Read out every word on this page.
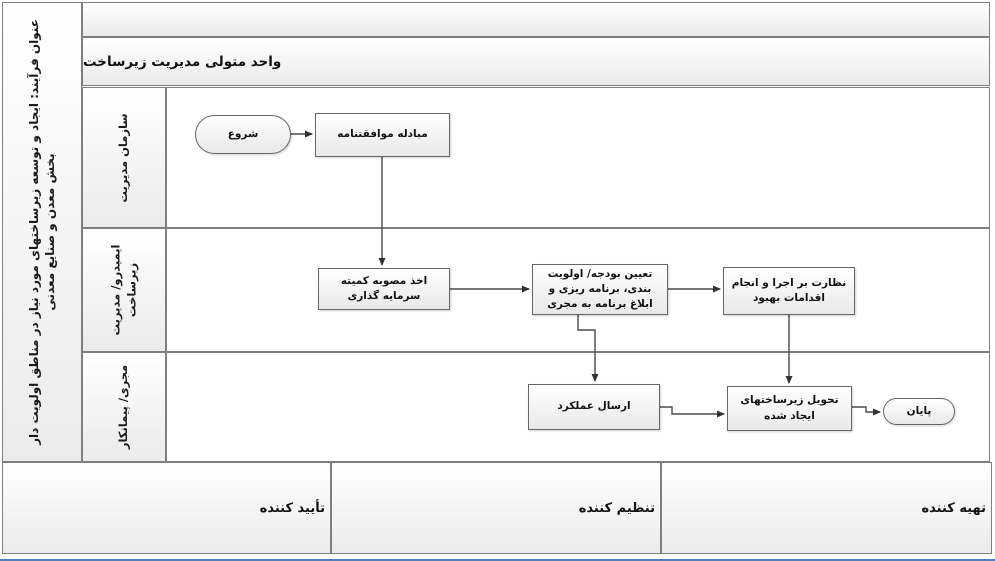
عنوان فرآیند: ایجاد و توسعه زیرساختهای مورد نیاز در مناطق اولویت دار بخش معدن و صنایع معدنی
واحد متولی مدیریت زیرساخت
سازمان مدیریت
ایمیدرو/ مدیریت زیرساخت
مجری/ پیمانکار
تأیید کننده	تنظیم کننده	تهیه کننده
شروع	مبادله موافقتنامه
اخذ مصوبه کمیته سرمایه گذاری
تعیین بودجه/ اولویت بندی، برنامه ریزی و ابلاغ برنامه به مجری
نظارت بر اجرا و انجام اقدامات بهبود
ارسال عملکرد
تحویل زیرساختهای ایجاد شده	پایان
